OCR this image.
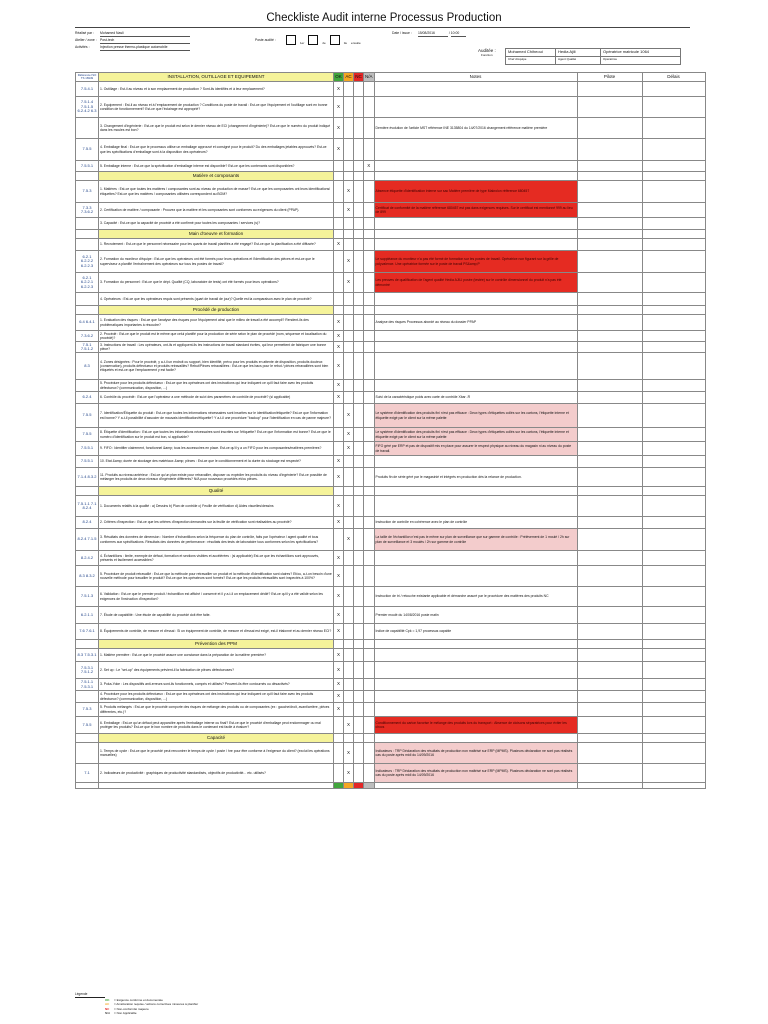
Checkliste Audit interne Processus Production
Réalisé par : Mohamed Nasli
Atelier / zone : Post-tech
Activités :	Injection presse thermo-plastique automobile
Poste audité :
1er	2e	3e ensuite
Date / issue : 15/08/2016	/ 10:00
Auditée :
Fonction
Mohamed Chiheoui	Hedia Ajili	Opératrice matricule 1064
Chef d'équipe	Agent Qualité	Opératrice
Référence ISO TS 16949	INSTALLATION, OUTILLAGE ET EQUIPEMENT	OK	AC	NC	N/A	Notes	Pilote	Délais
7.5.4.1	1. Outillage : Est-il au niveau et à son emplacement de production ? Sont-ils identifiés et à leur emplacement?	X						
7.5.1.4 7.5.1.5 6.2.4.2 6.3	2. Equipement : Est-il au niveau et à l'emplacement de production ? Conditions du poste de travail : Est-ce que l'équipement et l'outillage sont en bonne condition de fonctionnement? Est-ce que l'éclairage est approprié?	X						
	3. Changement d'ingénierie : Est-ce que le produit est selon le dernier niveau de ECI (changement d'ingénierie)? Est-ce que le numéro du produit indiqué dans les moules est bon?	X				Dernière évolution de l'article MST référence INE 3135804 du 14/07/2016 changement référence matière première		
7.5.5	4. Emballage final : Est-ce que le processus utilise un emballage approuvé et consigné pour le produit? Du des emballages jetables approuvés? Est-ce que les spécifications d'emballage sont à la disposition des opérateurs?	X						
7.5.5.1	5. Emballage interne : Est-ce que la spécification d'emballage interne est disponible? Est-ce que les contenants sont disponibles?				X			
	Matière et composants							
7.5.3	1. Matières : Est-ce que toutes les matières / composantes sont au niveau de production de masse? Est-ce que les composantes ont leurs identifications/étiquettes? Est-ce que les matières / composantes utilisées correspondent au BOM?		X			Absence étiquette d'identification interne sur sac Matière première de type Makrolon référence 680457		
7.3.3 7.3.6.2	2. Certification de matière / composante : Prouvez que la matière et les composantes sont conformes au exigences du client (PPAP).		X			Certificat de conformité de la matière référence 680457 est pas dans exigences requises. Sur le certificat est mentionné 999 au lieu de 899		
	3. Capacité : Est-ce que la capacité de procédé a été confirmé pour toutes les composantes / services (s)?							
	Main d'oeuvre et formation							
	1. Recrutement : Est-ce que le personnel nécessaire pour les quarts de travail planifiés a été engagé? Est-ce que la planification a été diffusée?	X						
6.2.1 6.2.2.2 6.2.2.3	2. Formation du moniteur d'équipe : Est-ce que les opérateurs ont été formés pour leurs opérations et l'identification des pièces et est-ce que le superviseur a planifié l'entraînement des opérateurs sur tous les postes de travail?		X			Le suppléance du moniteur n'a pas été formé de formation sur les postes de travail. Opératrice non figurant sur la grille de polyvalence. Une opératrice formée sur le poste de travail PS&amp;P		
6.2.1 6.2.2.1 6.2.2.3	3. Formation du personnel : Est-ce que le dépt. Qualité (CQ, laboratoire de tests) ont été formés pour leurs opérations?		X			Les preuves de qualification de l'agent qualité Hedia AJILI posée (testée) sur le contrôle dimensionnel du produit n'a pas été démontré		
	4. Opérateurs : Est-ce que les opérateurs requis sont présents (quart de travail de jour)? Quelle est la comparaison avec le plan de procédé?							
	Procédé de production							
6.4 6.4.1	1. Evaluation des risques : Est-ce que l'analyse des risques pour l'équipement ainsi que le milieu de travail a été accompli? Rendent-ils des problématiques importantes à résoudre?	X				Analyse des risques Processus abordé au niveau du dossier PPAP		
7.3.6.2	2. Procédé : Est-ce que le produit est le même que celui planifié pour la production de série selon le plan de procédé (nom, séquence et localisation du procédé)?	X						
7.5.1 7.5.1.2	3. Instructions de travail : Les opérateurs, ont-ils et appliquent-ils les instructions de travail standard écrites, qui leur permettent de fabriquer une bonne pièce?	X						
8.3	4. Zones désignées : Pour le procédé, y a-t-il un endroit ou support, bien identifié, prévu pour les produits en attente de disposition, produits douteux (conservation), produits défectueux et produits retravaillés? Rebut/Pièces retravaillées : Est-ce que les bacs pour le rebut / pièces retravaillées sont bien étiquetés et est-ce que l'emplacement y est facile?	X						
	5. Procédure pour les produits défectueux : Est-ce que les opérateurs ont des instructions qui leur indiquent ce qu'il faut faire avec les produits défectueux? (communication, disposition, ...)	X						
6.2.4	6. Contrôle du procédé : Est-ce que l'opérateur a une méthode de suivi des paramètres de contrôle de procédé? (si applicable)	X				Suivi de la caractéristique poids avec carte de contrôle Xbar -R		
7.5.5	7. Identification/Étiquette du produit : Est-ce que toutes les informations nécessaires sont inscrites sur le identification/étiquette? Est-ce que l'information est bonne? Y a-t-il possibilité d'associer de mauvais identification/étiquette? Y a-t-il une procédure "backup" pour l'identification en cas de panne majeure?		X			Le système d'identification des produits fini n'est pas efficace : Deux types d'étiquettes collés sur les cartons, l'étiquette interne et étiquette exigé par le client sur la même palette		
7.5.5	8. Étiquette d'identification : Est-ce que toutes les informations nécessaires sont inscrites sur l'étiquette? Est-ce que l'information est bonne? Est-ce que le numéro d'identification sur le produit est bon, si applicable?		X			Le système d'identification des produits fini n'est pas efficace : Deux types d'étiquettes collés sur les cartons, l'étiquette interne et étiquette exigé par le client sur la même palette		
7.5.5.1	9. FIFO : Identifier clairement, fonctionnel &amp; tous les accessoires en place. Est-ce qu'il y a un FIFO pour les composantes/matières premières?		X			FIFO géré par ERP et pas de dispositif mis en place pour assurer le respect physique au niveau du magasin ni au niveau du poste de travail.		
7.5.5.1	10. Etat &amp; durée de stockage des matériaux &amp; pièces : Est-ce que le conditionnement et la durée du stockage est respecté?	X						
7.1.4 8.3.2	11. Produits au niveau antérieur : Est-ce qu'un plan existe pour retravailler, disposer ou expédier les produits du niveau d'ingénierie? Est-ce possible de mélanger les produits de deux niveaux d'ingénierie différents? N/A pour nouveaux procédés et/ou pièces.	X				Produits fin de série géré par le magasinié et intégrés en production dès la relance de production.		
	Qualité							
7.5.1.1 7.1 8.2.4	1. Documents relatifs à la qualité : a) Dessins b) Plan de contrôle c) Feuille de vérification d) Aides visuelles/dessins	X						
8.2.4	2. Critères d'inspection : Est-ce que les critères d'inspection demandés sur la feuille de vérification sont réalisables au procédé?	X				Instruction de contrôle en cohérence avec le plan de contrôle		
8.2.4 7.1.5	3. Résultats des données de dimension : Nombre d'échantillons selon la fréquence du plan de contrôle, faits par l'opérateur / agent qualité et tous conformes aux spécifications. Résultats des données de performance : résultats des tests de laboratoire tous conformes selon les spécifications?		X			La taille de l'échantillon n'est pas le même sur plan de surveillance que sur gamme de contrôle : Prélèvement de 1 moulé / 2h sur plan de surveillance et 3 moulés / 2h sur gamme de contrôle		
8.2.4.2	4. Échantillons : limite, exemple de défaut, formation et sections visibles et accélérées : (si applicable) Est-ce que les échantillons sont approuvés, présents et facilement accessibles?	X						
8.3 8.3.2	5. Procédure de produit retravaillé : Est-ce que la méthode pour retravailler un produit et la méthode d'identification sont claires? Et/ou, a-t-on besoin d'une nouvelle méthode pour travailler le produit? Est-ce que les opérateurs sont formés? Est-ce que les produits retravaillés sont inspectés à 100%?	X						
7.5.1.3	6. Validation : Est-ce que le premier produit / échantillon est affiché / conservé et il y a-t-il un emplacement dédié? Est-ce qu'il y a été validé selon les exigences de l'instruction d'inspection?	X				Instruction de tri / retouche existante applicable et démarche assuré par le procédure des matières des produits NC		
6.2.1.1	7. Étude de capabilité : Une étude de capabilité du procédé doit être faite.	X				Premier moulé du 14/08/2016 poste matin		
7.6 7.6.1	8. Équipements de contrôle, de mesure et d'essai : Si un équipement de contrôle, de mesure et d'essai est exigé, est-il étalonné et au dernier niveau ECI?	X				Indice de capabilité Cpk = 1,97 processus capable		
	Prévention des PPM							
8.3 7.5.3.1	1. Matière première : Est-ce que le procédé assure une constance dans la préparation de la matière première?	X						
7.5.3.1 7.5.1.2	2. Set up : Le "set-up" des équipements prévient-il la fabrication de pièces défectueuses?	X						
7.5.1.1 7.5.3.1	3. Poka-Yoke : Les dispositifs anti-erreurs sont-ils fonctionnels, compris et utilisés? Peuvent-ils être contournés ou désactivés?	X						
	4. Procédure pour les produits défectueux : Est-ce que les opérateurs ont des instructions qui leur indiquent ce qu'il faut faire avec les produits défectueux? (communication, disposition, ...)	X						
7.5.3	5. Produits mélangés : Est-ce que le procédé comporte des risques de mélange des produits ou de composantes (ex : gauche/droit, avant/arrière, pièces différentes, etc.)?	X						
7.5.5	6. Emballage : Est-ce qu'un défaut peut apparaître après l'emballage interne ou final? Est-ce que le procédé d'emballage peut endommager ou mal protéger les produits? Est-ce que le bon nombre de produits dans le contenant est facile à évaluer?		X			Conditionnement du carton favorise le mélange des produits lors du transport : Absence de cloisons séparatrices pour éviter les chocs		
	Capacité							
	1. Temps de cycle : Est-ce que le procédé peut rencontrer le temps de cycle / poste / hre pour être conforme à l'exigence du client? (exclut les opérations manuelles)		X			Indicateurs : TRP Déclaration des résultats de production non maîtrisé sur ERP (MPMS). Plusieurs déclaration ne sont pas réalisés cas du poste après midi du 14/09/2016		
7.1	2. Indicateurs de productivité : graphiques de productivité standardisés, objectifs de productivité... etc. utilisés?		X			Indicateurs : TRP Déclaration des résultats de production non maîtrisé sur ERP (MPMS). Plusieurs déclaration ne sont pas réalisés cas du poste après midi du 14/09/2016		

Légende
OK = Exigence conforme et documentée
AC = Amélioration requise / actions correctives mineures à planifier
NC = Non-conformité majeure
N/A = Non Applicable
